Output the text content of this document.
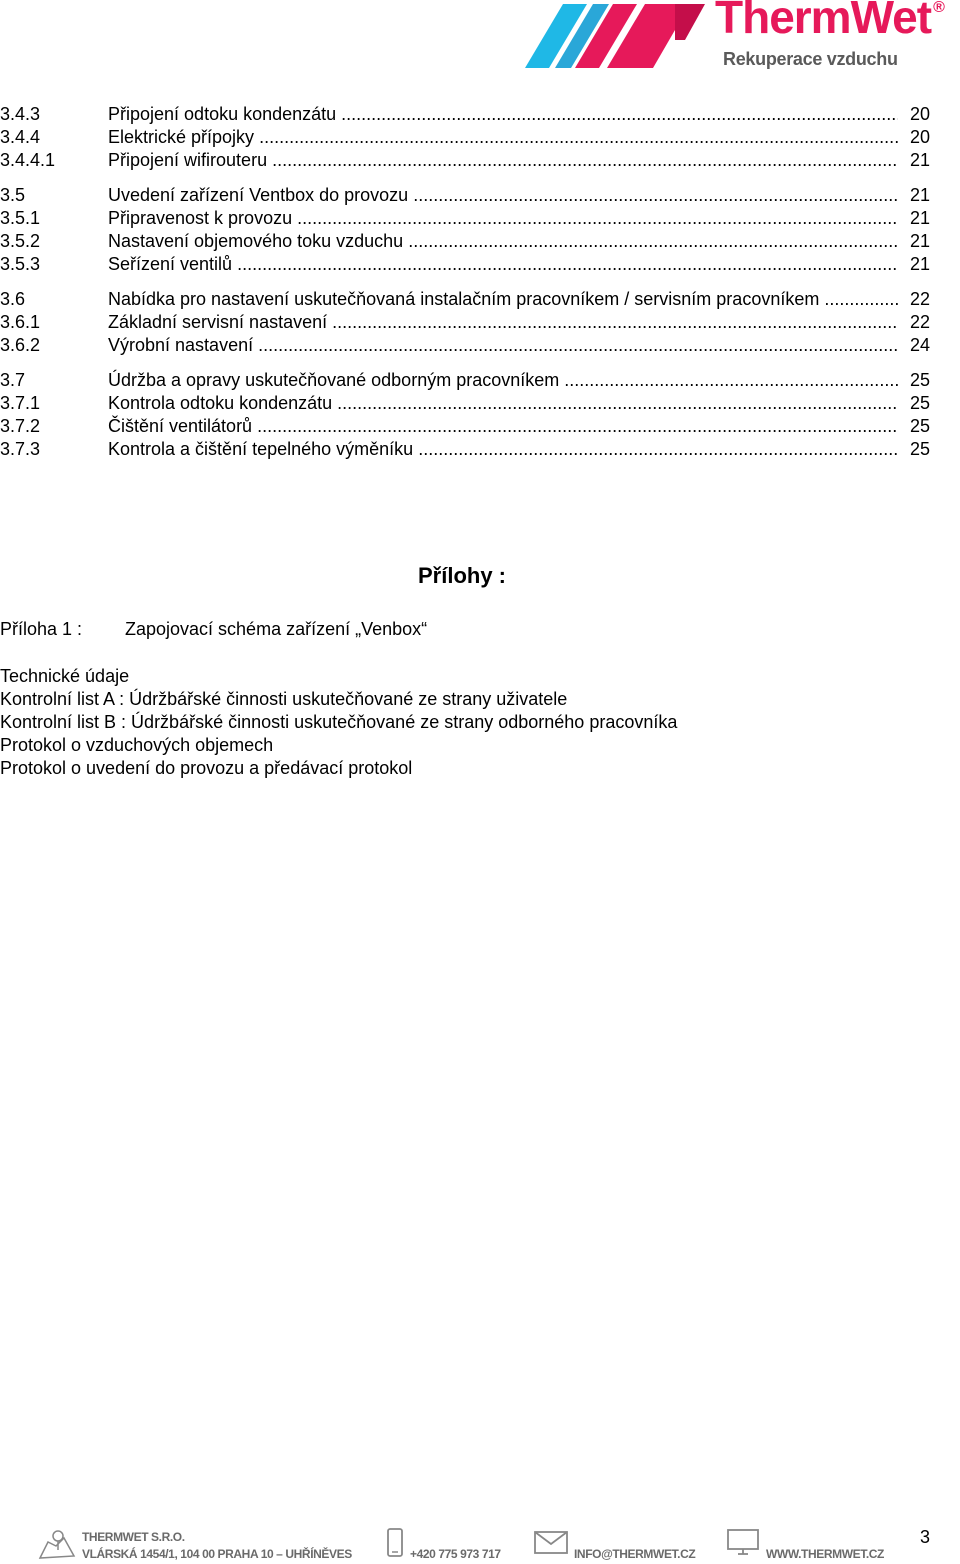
ThermWet ®
Rekuperace vzduchu
3.4.3	Připojení odtoku kondenzátu .....	20
3.4.4	Elektrické přípojky .....	20
3.4.4.1	Připojení wifirouteru .....	21
3.5	Uvedení zařízení Ventbox do provozu .....	21
3.5.1	Připravenost k provozu .....	21
3.5.2	Nastavení objemového toku vzduchu .....	21
3.5.3	Seřízení ventilů .....	21
3.6	Nabídka pro nastavení uskutečňovaná instalačním pracovníkem / servisním pracovníkem .....	22
3.6.1	Základní servisní nastavení .....	22
3.6.2	Výrobní nastavení .....	24
3.7	Údržba a opravy uskutečňované odborným pracovníkem .....	25
3.7.1	Kontrola odtoku kondenzátu .....	25
3.7.2	Čištění ventilátorů .....	25
3.7.3	Kontrola a čištění tepelného výměníku .....	25
Přílohy :
Příloha 1 : Zapojovací schéma zařízení „Venbox“
Technické údaje
Kontrolní list A : Údržbářské činnosti uskutečňované ze strany uživatele
Kontrolní list B : Údržbářské činnosti uskutečňované ze strany odborného pracovníka
Protokol o vzduchových objemech
Protokol o uvedení do provozu a předávací protokol
THERMWET S.R.O.
VLÁRSKÁ 1454/1, 104 00 PRAHA 10 – UHŘÍNĚVES	+420 775 973 717	INFO@THERMWET.CZ	WWW.THERMWET.CZ
3
